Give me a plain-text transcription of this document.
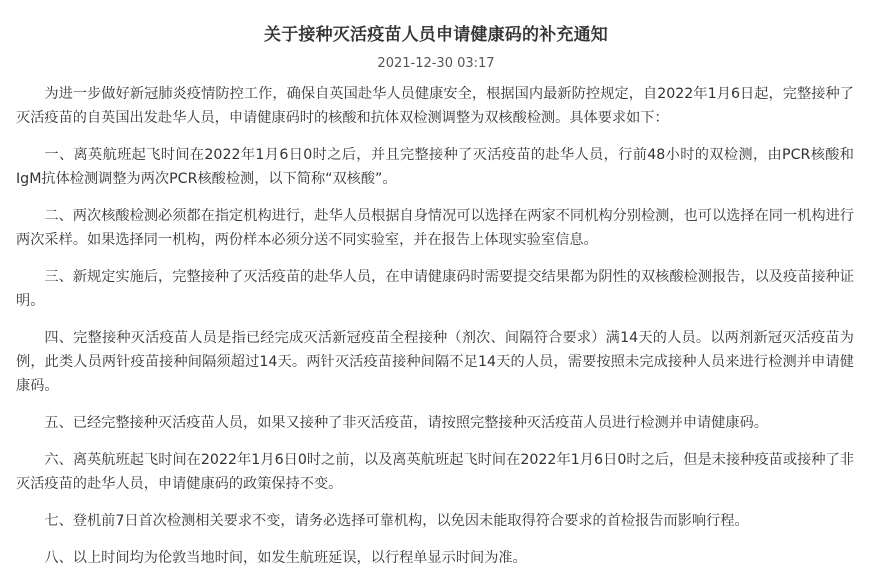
关于接种灭活疫苗人员申请健康码的补充通知
2021-12-30 03:17

为进一步做好新冠肺炎疫情防控工作，确保自英国赴华人员健康安全，根据国内最新防控规定，自2022年1月6日起，完整接种了灭活疫苗的自英国出发赴华人员，申请健康码时的核酸和抗体双检测调整为双核酸检测。具体要求如下：

一、离英航班起飞时间在2022年1月6日0时之后，并且完整接种了灭活疫苗的赴华人员，行前48小时的双检测，由PCR核酸和IgM抗体检测调整为两次PCR核酸检测，以下简称“双核酸”。

二、两次核酸检测必须都在指定机构进行，赴华人员根据自身情况可以选择在两家不同机构分别检测，也可以选择在同一机构进行两次采样。如果选择同一机构，两份样本必须分送不同实验室，并在报告上体现实验室信息。

三、新规定实施后，完整接种了灭活疫苗的赴华人员，在申请健康码时需要提交结果都为阴性的双核酸检测报告，以及疫苗接种证明。

四、完整接种灭活疫苗人员是指已经完成灭活新冠疫苗全程接种（剂次、间隔符合要求）满14天的人员。以两剂新冠灭活疫苗为例，此类人员两针疫苗接种间隔须超过14天。两针灭活疫苗接种间隔不足14天的人员，需要按照未完成接种人员来进行检测并申请健康码。

五、已经完整接种灭活疫苗人员，如果又接种了非灭活疫苗，请按照完整接种灭活疫苗人员进行检测并申请健康码。

六、离英航班起飞时间在2022年1月6日0时之前，以及离英航班起飞时间在2022年1月6日0时之后，但是未接种疫苗或接种了非灭活疫苗的赴华人员，申请健康码的政策保持不变。

七、登机前7日首次检测相关要求不变，请务必选择可靠机构，以免因未能取得符合要求的首检报告而影响行程。

八、以上时间均为伦敦当地时间，如发生航班延误，以行程单显示时间为准。
